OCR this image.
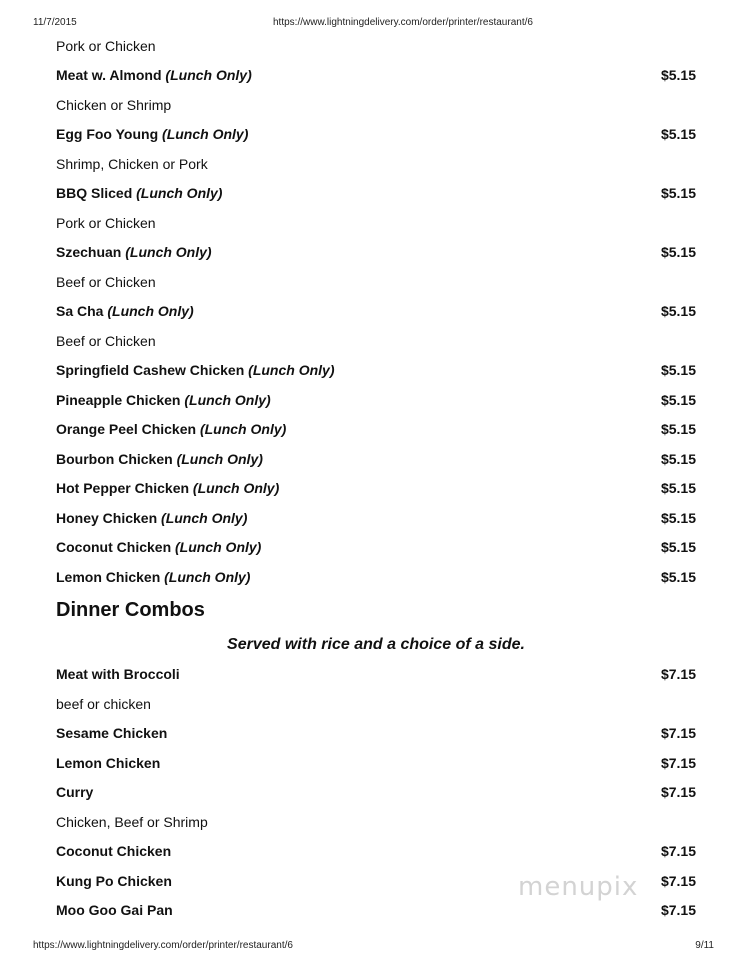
11/7/2015	https://www.lightningdelivery.com/order/printer/restaurant/6
Pork or Chicken
Meat w. Almond (Lunch Only)	$5.15
Chicken or Shrimp
Egg Foo Young (Lunch Only)	$5.15
Shrimp, Chicken or Pork
BBQ Sliced (Lunch Only)	$5.15
Pork or Chicken
Szechuan (Lunch Only)	$5.15
Beef or Chicken
Sa Cha (Lunch Only)	$5.15
Beef or Chicken
Springfield Cashew Chicken (Lunch Only)	$5.15
Pineapple Chicken (Lunch Only)	$5.15
Orange Peel Chicken (Lunch Only)	$5.15
Bourbon Chicken (Lunch Only)	$5.15
Hot Pepper Chicken (Lunch Only)	$5.15
Honey Chicken (Lunch Only)	$5.15
Coconut Chicken (Lunch Only)	$5.15
Lemon Chicken (Lunch Only)	$5.15
Dinner Combos
Served with rice and a choice of a side.
Meat with Broccoli	$7.15
beef or chicken
Sesame Chicken	$7.15
Lemon Chicken	$7.15
Curry	$7.15
Chicken, Beef or Shrimp
Coconut Chicken	$7.15
Kung Po Chicken	$7.15
Moo Goo Gai Pan	$7.15
menupix
https://www.lightningdelivery.com/order/printer/restaurant/6	9/11
